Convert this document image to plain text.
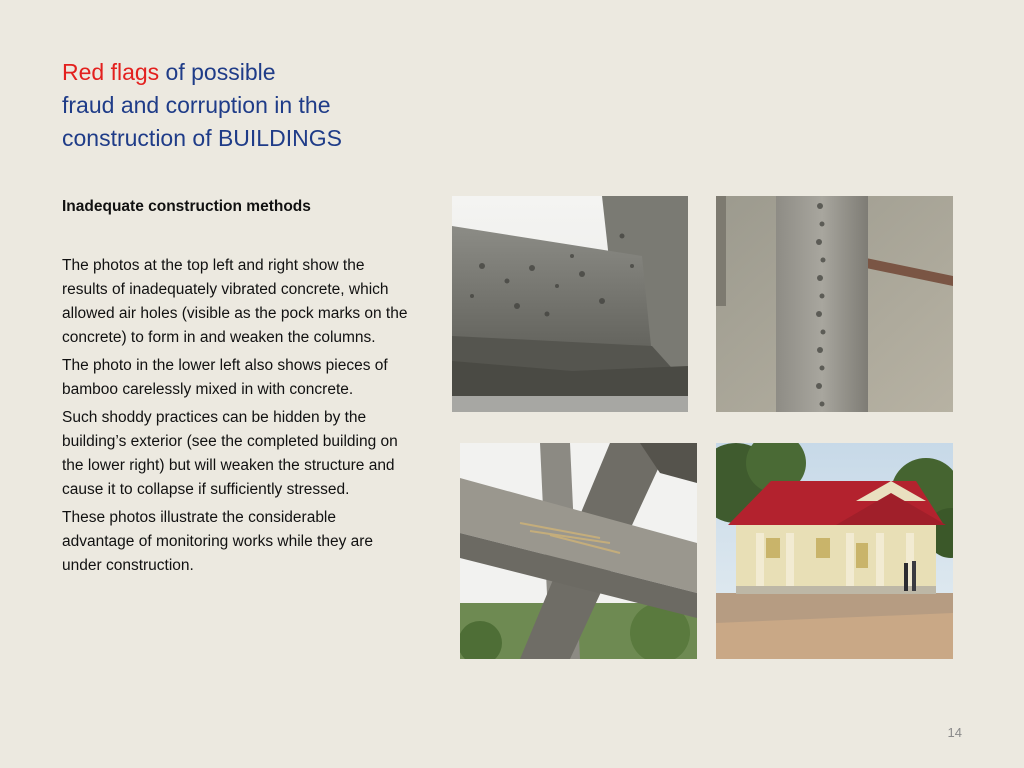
Red flags of possible
fraud and corruption in the
construction of BUILDINGS
Inadequate construction methods

The photos at the top left and right show the results of inadequately vibrated concrete, which allowed air holes (visible as the pock marks on the concrete) to form in and weaken the columns.

The photo in the lower left also shows pieces of bamboo carelessly mixed in with concrete.

Such shoddy practices can be hidden by the building’s exterior (see the completed building on the lower right) but will weaken the structure and cause it to collapse if sufficiently stressed.

These photos illustrate the considerable advantage of monitoring works while they are under construction.

14
